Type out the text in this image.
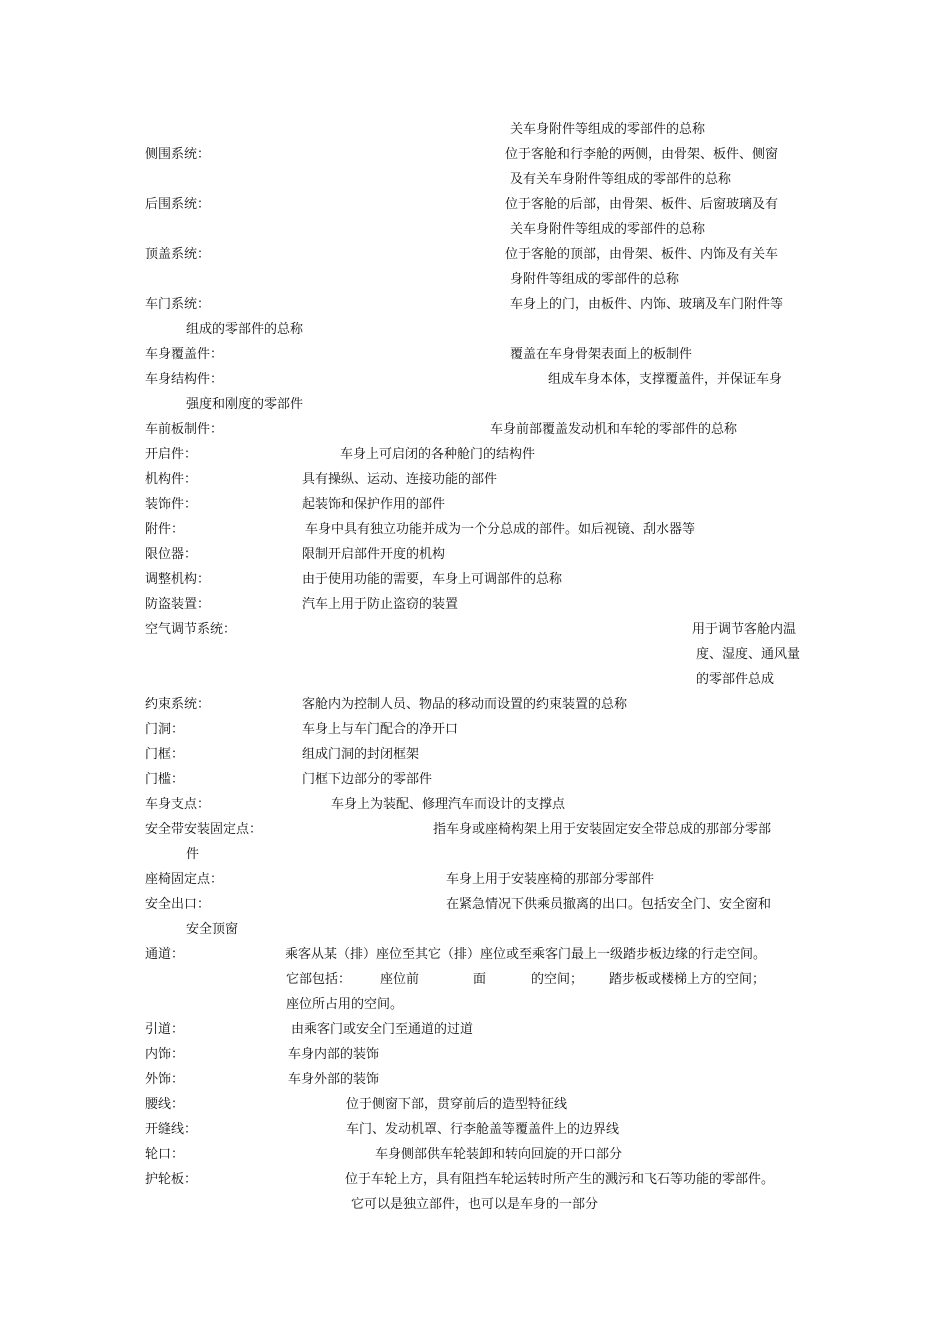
关车身附件等组成的零部件的总称
侧围系统：	位于客舱和行李舱的两侧，由骨架、板件、侧窗
及有关车身附件等组成的零部件的总称
后围系统：	位于客舱的后部，由骨架、板件、后窗玻璃及有
关车身附件等组成的零部件的总称
顶盖系统：	位于客舱的顶部，由骨架、板件、内饰及有关车
身附件等组成的零部件的总称
车门系统：	车身上的门，由板件、内饰、玻璃及车门附件等
组成的零部件的总称
车身覆盖件：	覆盖在车身骨架表面上的板制件
车身结构件：	组成车身本体，支撑覆盖件，并保证车身
强度和刚度的零部件
车前板制件：	车身前部覆盖发动机和车轮的零部件的总称
开启件：	车身上可启闭的各种舱门的结构件
机构件：	具有操纵、运动、连接功能的部件
装饰件：	起装饰和保护作用的部件
附件：	车身中具有独立功能并成为一个分总成的部件。如后视镜、刮水器等
限位器：	限制开启部件开度的机构
调整机构：	由于使用功能的需要，车身上可调部件的总称
防盗装置：	汽车上用于防止盗窃的装置
空气调节系统：	用于调节客舱内温
度、湿度、通风量
的零部件总成
约束系统：	客舱内为控制人员、物品的移动而设置的约束装置的总称
门洞：	车身上与车门配合的净开口
门框：	组成门洞的封闭框架
门槛：	门框下边部分的零部件
车身支点：	车身上为装配、修理汽车而设计的支撑点
安全带安装固定点：	指车身或座椅构架上用于安装固定安全带总成的那部分零部
件
座椅固定点：	车身上用于安装座椅的那部分零部件
安全出口：	在紧急情况下供乘员撤离的出口。包括安全门、安全窗和
安全顶窗
通道：	乘客从某（排）座位至其它（排）座位或至乘客门最上一级踏步板边缘的行走空间。
它部包括： 座位前	面	的空间； 踏步板或楼梯上方的空间；
座位所占用的空间。
引道：	由乘客门或安全门至通道的过道
内饰：	车身内部的装饰
外饰：	车身外部的装饰
腰线：	位于侧窗下部，贯穿前后的造型特征线
开缝线：	车门、发动机罩、行李舱盖等覆盖件上的边界线
轮口：	车身侧部供车轮装卸和转向回旋的开口部分
护轮板：	位于车轮上方，具有阻挡车轮运转时所产生的溅污和飞石等功能的零部件。
它可以是独立部件，也可以是车身的一部分
